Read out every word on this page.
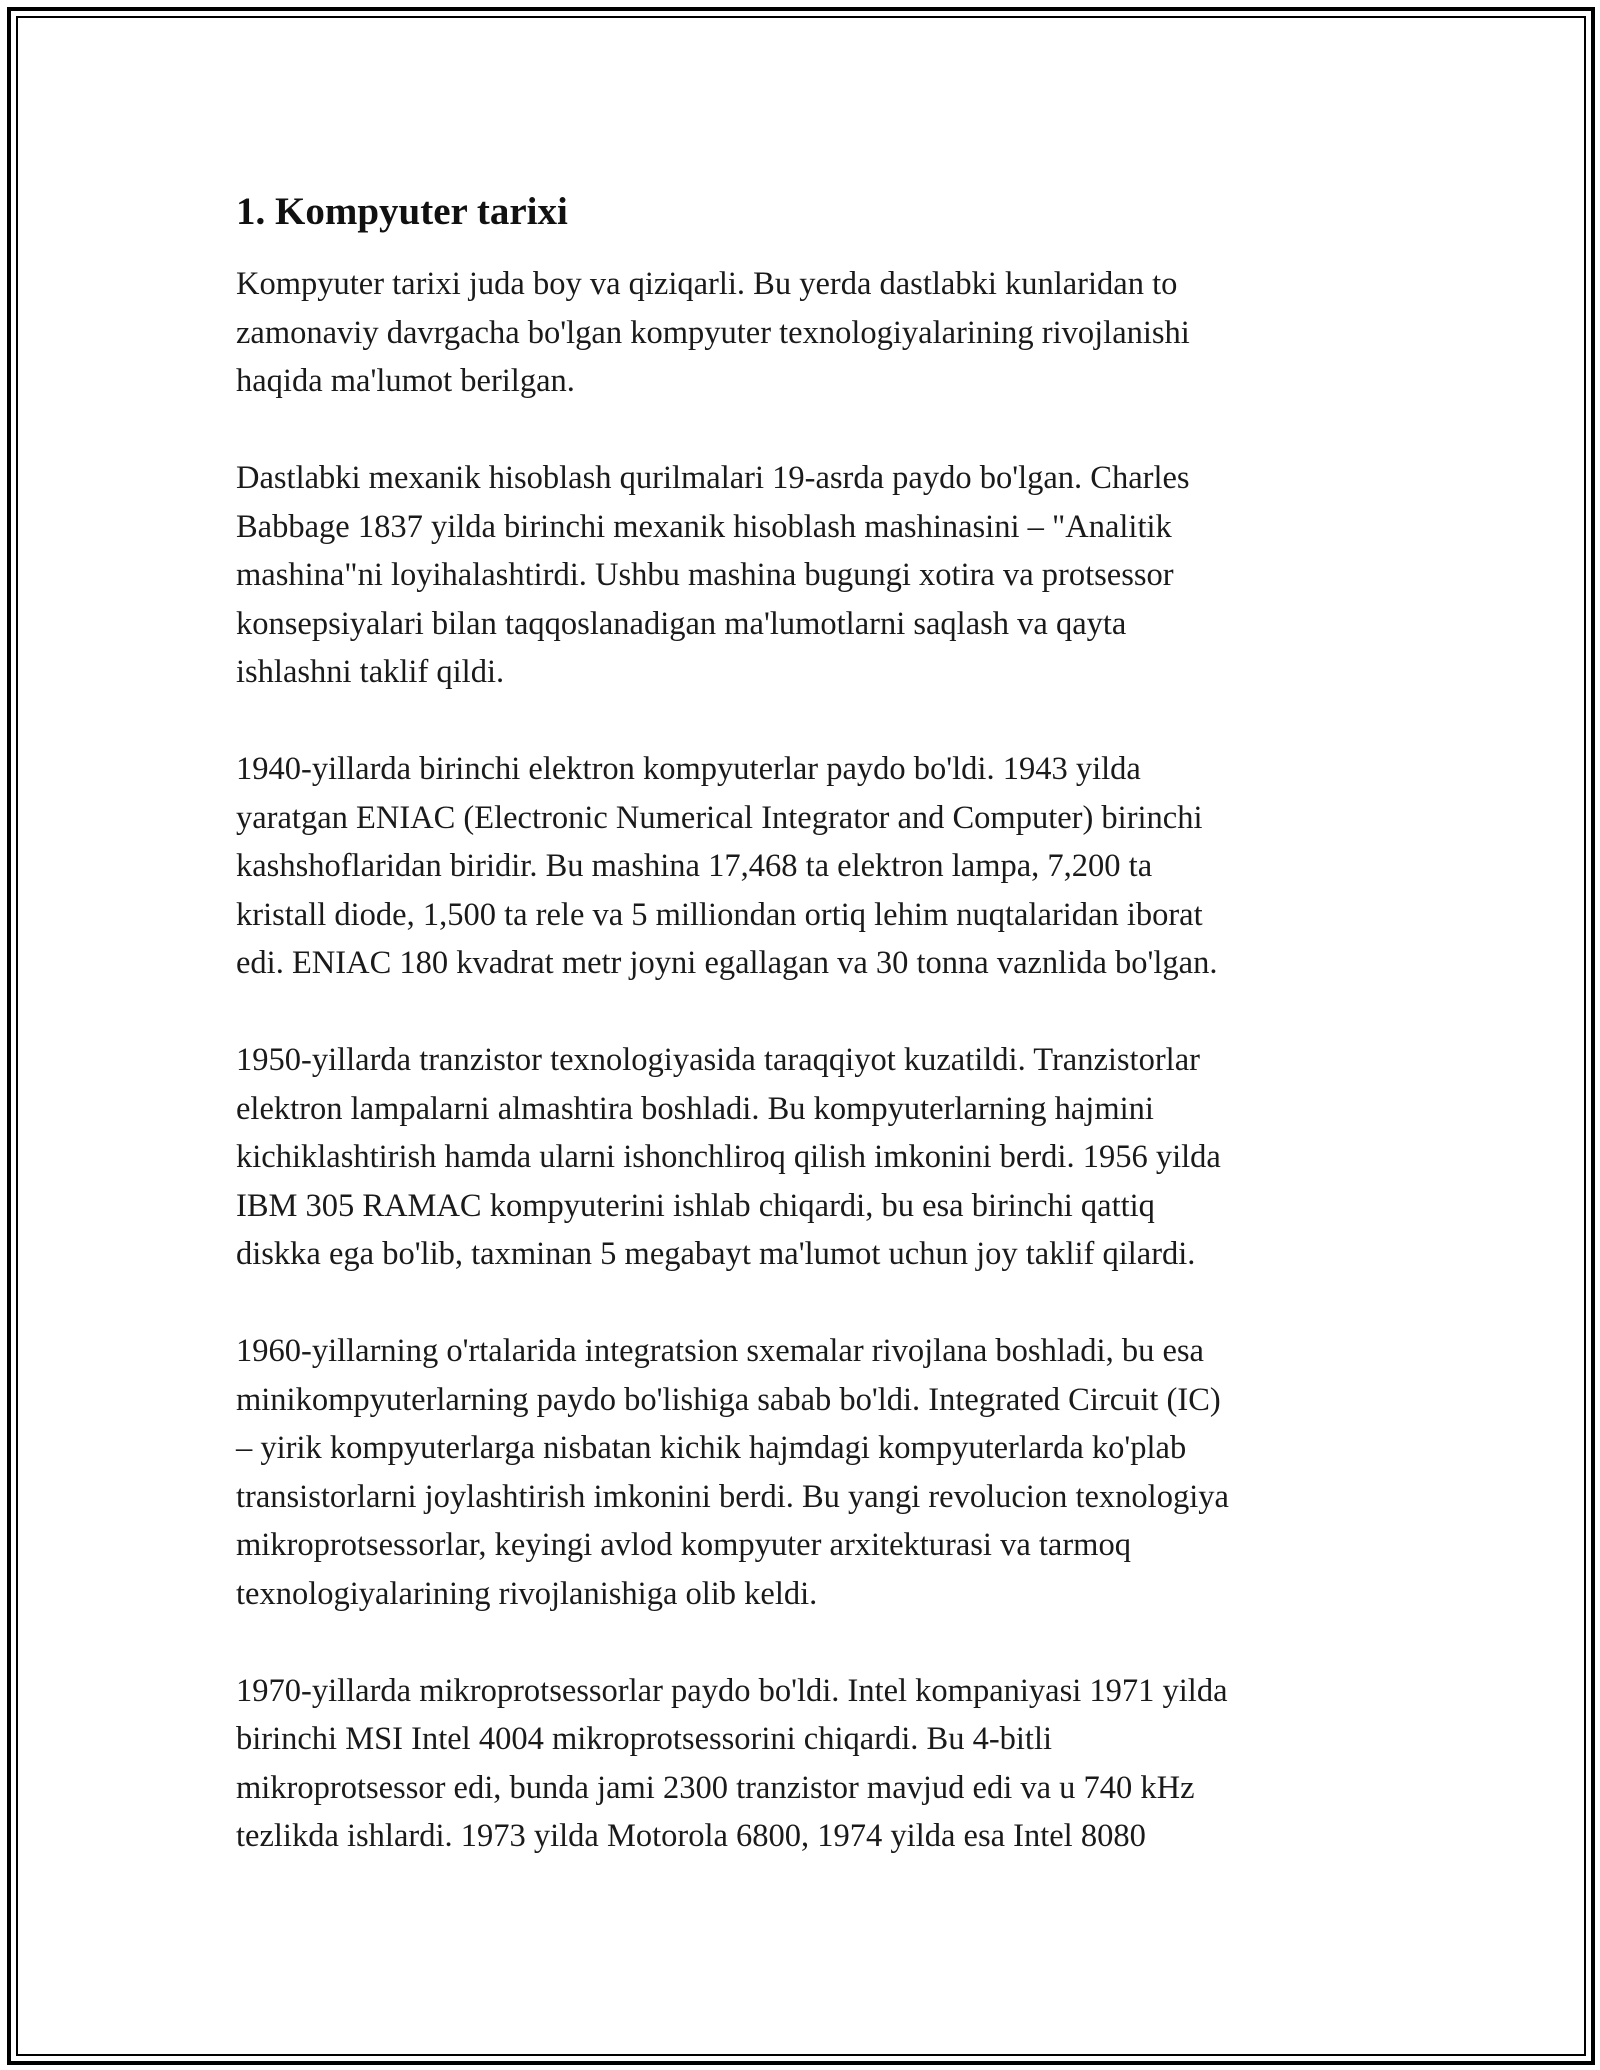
1. Kompyuter tarixi
Kompyuter tarixi juda boy va qiziqarli. Bu yerda dastlabki kunlaridan to
zamonaviy davrgacha bo'lgan kompyuter texnologiyalarining rivojlanishi
haqida ma'lumot berilgan.
Dastlabki mexanik hisoblash qurilmalari 19-asrda paydo bo'lgan. Charles
Babbage 1837 yilda birinchi mexanik hisoblash mashinasini – "Analitik
mashina"ni loyihalashtirdi. Ushbu mashina bugungi xotira va protsessor
konsepsiyalari bilan taqqoslanadigan ma'lumotlarni saqlash va qayta
ishlashni taklif qildi.
1940-yillarda birinchi elektron kompyuterlar paydo bo'ldi. 1943 yilda
yaratgan ENIAC (Electronic Numerical Integrator and Computer) birinchi
kashshoflaridan biridir. Bu mashina 17,468 ta elektron lampa, 7,200 ta
kristall diode, 1,500 ta rele va 5 milliondan ortiq lehim nuqtalaridan iborat
edi. ENIAC 180 kvadrat metr joyni egallagan va 30 tonna vaznlida bo'lgan.
1950-yillarda tranzistor texnologiyasida taraqqiyot kuzatildi. Tranzistorlar
elektron lampalarni almashtira boshladi. Bu kompyuterlarning hajmini
kichiklashtirish hamda ularni ishonchliroq qilish imkonini berdi. 1956 yilda
IBM 305 RAMAC kompyuterini ishlab chiqardi, bu esa birinchi qattiq
diskka ega bo'lib, taxminan 5 megabayt ma'lumot uchun joy taklif qilardi.
1960-yillarning o'rtalarida integratsion sxemalar rivojlana boshladi, bu esa
minikompyuterlarning paydo bo'lishiga sabab bo'ldi. Integrated Circuit (IC)
– yirik kompyuterlarga nisbatan kichik hajmdagi kompyuterlarda ko'plab
transistorlarni joylashtirish imkonini berdi. Bu yangi revolucion texnologiya
mikroprotsessorlar, keyingi avlod kompyuter arxitekturasi va tarmoq
texnologiyalarining rivojlanishiga olib keldi.
1970-yillarda mikroprotsessorlar paydo bo'ldi. Intel kompaniyasi 1971 yilda
birinchi MSI Intel 4004 mikroprotsessorini chiqardi. Bu 4-bitli
mikroprotsessor edi, bunda jami 2300 tranzistor mavjud edi va u 740 kHz
tezlikda ishlardi. 1973 yilda Motorola 6800, 1974 yilda esa Intel 8080
